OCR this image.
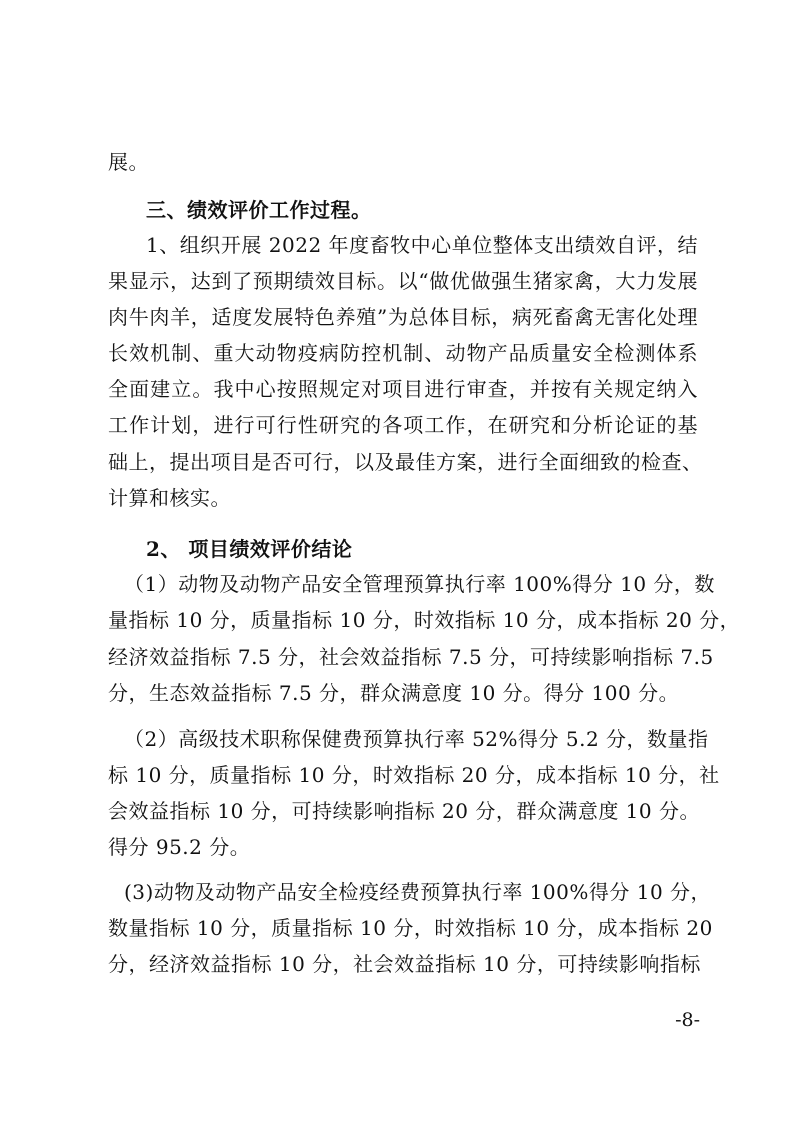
展。
三、绩效评价工作过程。
1、组织开展 2022 年度畜牧中心单位整体支出绩效自评，结
果显示，达到了预期绩效目标。以“做优做强生猪家禽，大力发展
肉牛肉羊，适度发展特色养殖”为总体目标，病死畜禽无害化处理
长效机制、重大动物疫病防控机制、动物产品质量安全检测体系
全面建立。我中心按照规定对项目进行审查，并按有关规定纳入
工作计划，进行可行性研究的各项工作，在研究和分析论证的基
础上，提出项目是否可行，以及最佳方案，进行全面细致的检查、
计算和核实。
2、 项目绩效评价结论
（1）动物及动物产品安全管理预算执行率 100%得分 10 分，数
量指标 10 分，质量指标 10 分，时效指标 10 分，成本指标 20 分，
经济效益指标 7.5 分，社会效益指标 7.5 分，可持续影响指标 7.5
分，生态效益指标 7.5 分，群众满意度 10 分。得分 100 分。
（2）高级技术职称保健费预算执行率 52%得分 5.2 分，数量指
标 10 分，质量指标 10 分，时效指标 20 分，成本指标 10 分，社
会效益指标 10 分，可持续影响指标 20 分，群众满意度 10 分。
得分 95.2 分。
(3)动物及动物产品安全检疫经费预算执行率 100%得分 10 分，
数量指标 10 分，质量指标 10 分，时效指标 10 分，成本指标 20
分，经济效益指标 10 分，社会效益指标 10 分，可持续影响指标
-8-
